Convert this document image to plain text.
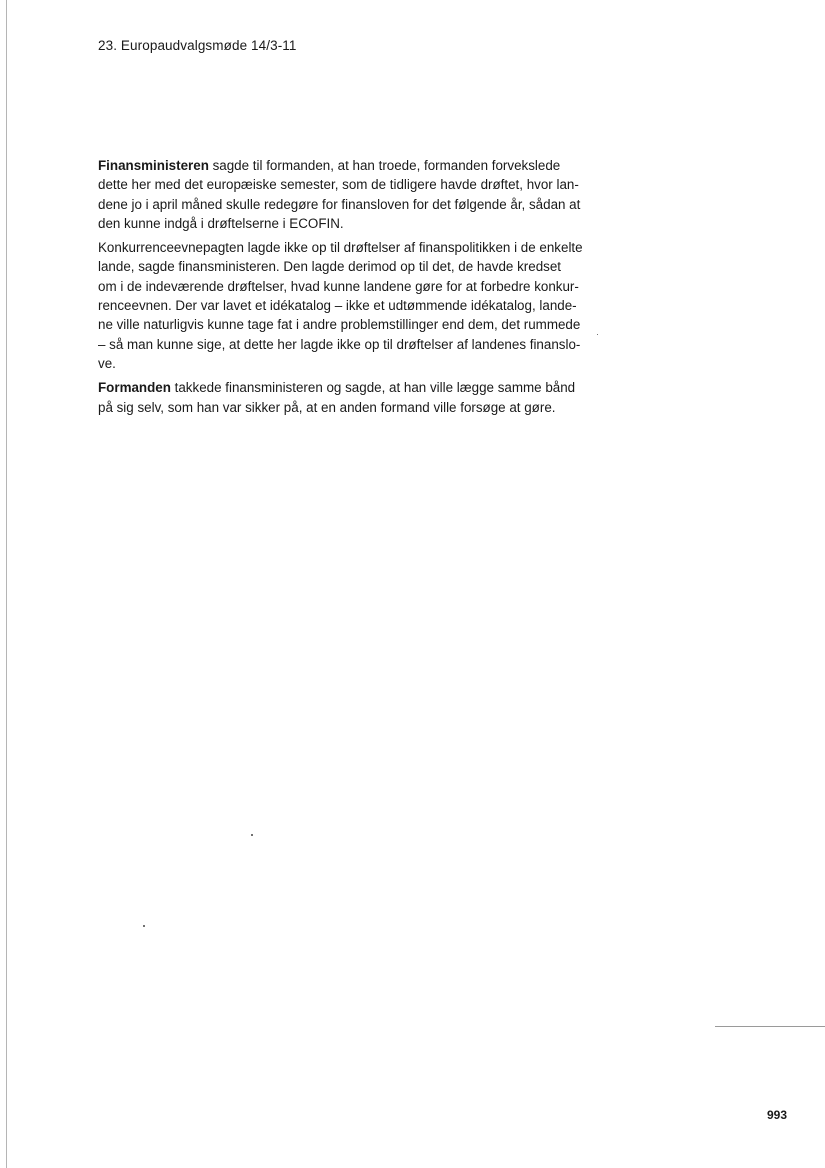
23. Europaudvalgsmøde 14/3-11

Finansministeren sagde til formanden, at han troede, formanden forvekslede
dette her med det europæiske semester, som de tidligere havde drøftet, hvor lan-
dene jo i april måned skulle redegøre for finansloven for det følgende år, sådan at
den kunne indgå i drøftelserne i ECOFIN.

Konkurrenceevnepagten lagde ikke op til drøftelser af finanspolitikken i de enkelte
lande, sagde finansministeren. Den lagde derimod op til det, de havde kredset
om i de indeværende drøftelser, hvad kunne landene gøre for at forbedre konkur-
renceevnen. Der var lavet et idékatalog – ikke et udtømmende idékatalog, lande-
ne ville naturligvis kunne tage fat i andre problemstillinger end dem, det rummede
– så man kunne sige, at dette her lagde ikke op til drøftelser af landenes finanslo-
ve.

Formanden takkede finansministeren og sagde, at han ville lægge samme bånd
på sig selv, som han var sikker på, at en anden formand ville forsøge at gøre.

993
